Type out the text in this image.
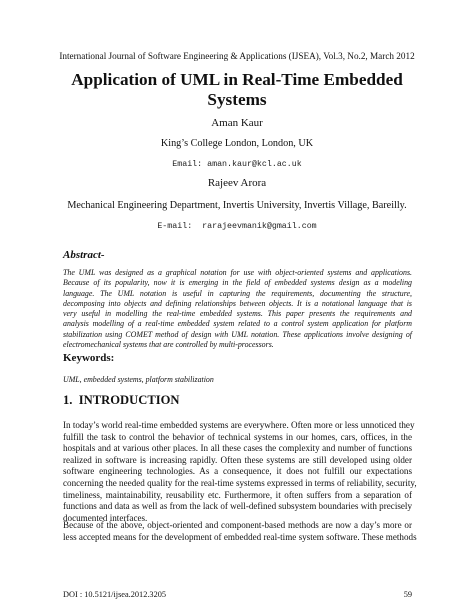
International Journal of Software Engineering & Applications (IJSEA), Vol.3, No.2, March 2012
Application of UML in Real-Time Embedded
Systems
Aman Kaur
King’s College London, London, UK
Email: aman.kaur@kcl.ac.uk
Rajeev Arora
Mechanical Engineering Department, Invertis University, Invertis Village, Bareilly.
E-mail:  rarajeevmanik@gmail.com
Abstract-
The UML was designed as a graphical notation for use with object-oriented systems and applications.
Because of its popularity, now it is emerging in the field of embedded systems design as a modeling
language. The UML notation is useful in capturing the requirements, documenting the structure,
decomposing into objects and defining relationships between objects. It is a notational language that is
very useful in modelling the real-time embedded systems. This paper presents the requirements and
analysis modelling of a real-time embedded system related to a control system application for platform
stabilization using COMET method of design with UML notation. These applications involve designing of
electromechanical systems that are controlled by multi-processors.
Keywords:
UML, embedded systems, platform stabilization
1.  INTRODUCTION
In today’s world real-time embedded systems are everywhere. Often more or less unnoticed they
fulfill the task to control the behavior of technical systems in our homes, cars, offices, in the
hospitals and at various other places. In all these cases the complexity and number of functions
realized in software is increasing rapidly. Often these systems are still developed using older
software engineering technologies. As a consequence, it does not fulfill our expectations
concerning the needed quality for the real-time systems expressed in terms of reliability, security,
timeliness, maintainability, reusability etc. Furthermore, it often suffers from a separation of
functions and data as well as from the lack of well-defined subsystem boundaries with precisely
documented interfaces.
Because of the above, object-oriented and component-based methods are now a day’s more or
less accepted means for the development of embedded real-time system software. These methods
DOI : 10.5121/ijsea.2012.3205	59
